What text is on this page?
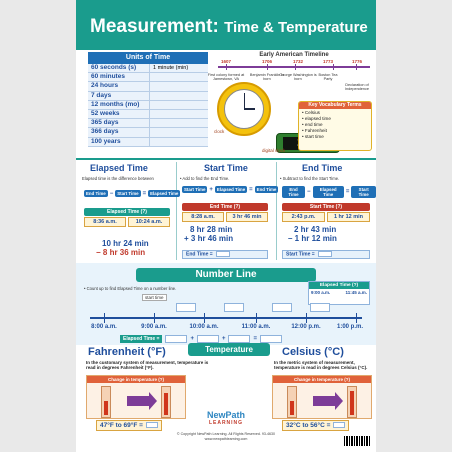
Measurement: Time & Temperature
Units of Time
60 seconds (s)	1 minute (min)
60 minutes
24 hours
7 days
12 months (mo)
52 weeks
365 days
366 days
100 years
Early American Timeline
1607
First colony formed at Jamestown, VA
1706
Benjamin Franklin is born
1732
George Washington is born
1773
Boston Tea Party
1776
Declaration of Independence
clock
digital clock
Key Vocabulary Terms
• Celsius
• elapsed time
• end time
• Fahrenheit
• start time
Elapsed Time
Elapsed time is the difference between
End Time − Start Time = Elapsed Time
Elapsed Time (?)
8:36 a.m.	10:24 a.m.
10 hr 24 min
− 8 hr 36 min
Start Time
• Add to find the End Time.
Start Time + Elapsed Time = End Time
End Time (?)
8:28 a.m.	3 hr 46 min
8 hr 28 min
+ 3 hr 46 min
End Time =
End Time
• Subtract to find the Start Time.
End Time	−	Elapsed Time	=	Start Time
Start Time (?)
2:43 p.m.	1 hr 12 min
2 hr 43 min
– 1 hr 12 min
Start Time =
Number Line
• Count up to find Elapsed Time on a number line.
Elapsed Time (?)
9:00 a.m.	11:45 a.m.
start time
8:00 a.m.	9:00 a.m.	10:00 a.m.	11:00 a.m.	12:00 p.m.	1:00 p.m.
Elapsed Time =	+	+	=
Temperature
Fahrenheit (°F)	Celsius (°C)
In the customary system of measurement, temperature is read in degrees Fahrenheit (°F).
In the metric system of measurement, temperature is read in degrees Celsius (°C).
Change in temperature (?)	Change in temperature (?)
47°F to 69°F =	32°C to 56°C =
NewPath
LEARNING
© Copyright NewPath Learning. All Rights Reserved. 93-4630
www.newpathlearning.com
